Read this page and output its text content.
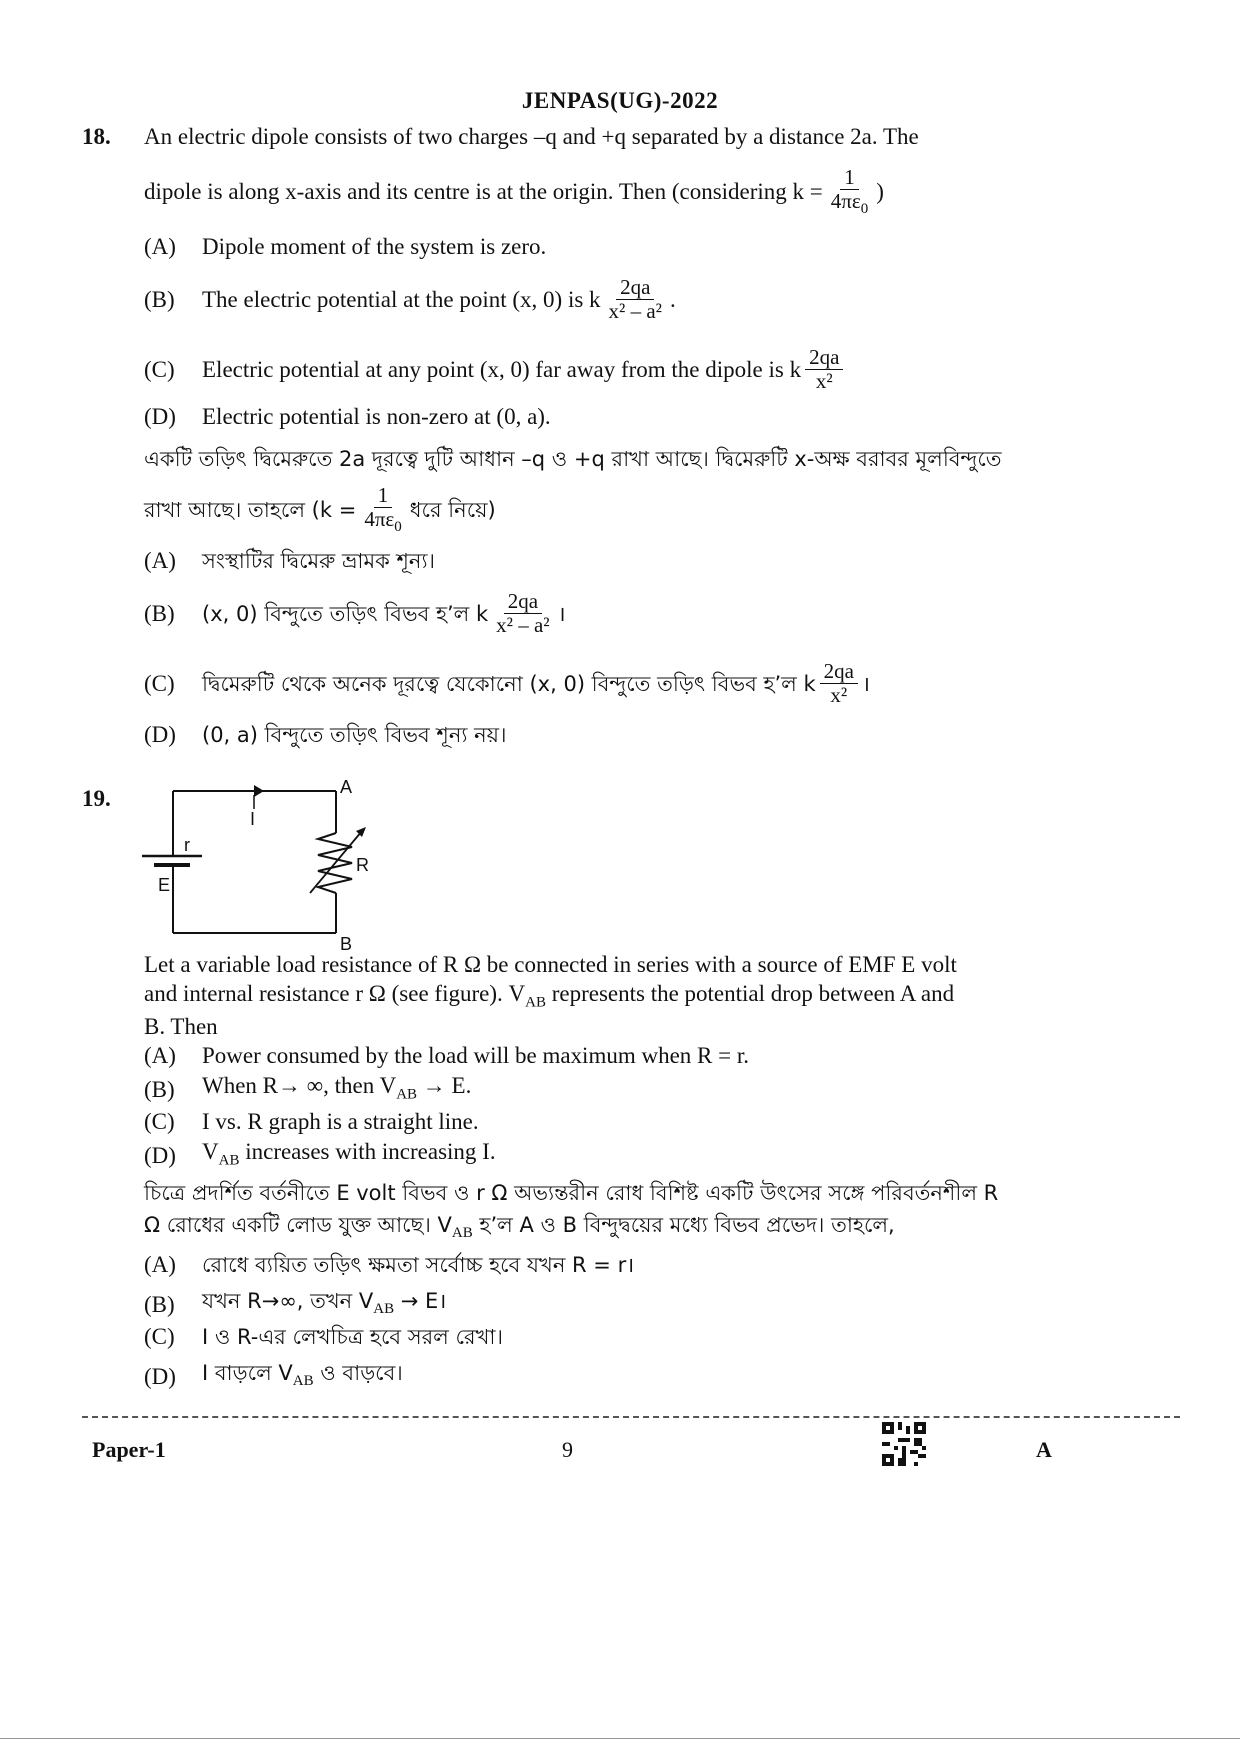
JENPAS(UG)-2022
18. An electric dipole consists of two charges –q and +q separated by a distance 2a. The
dipole is along x-axis and its centre is at the origin. Then (considering $k = \frac{1}{4\pi\varepsilon_0}$ )
(A)	Dipole moment of the system is zero.
(B)	The electric potential at the point (x, 0) is k $\frac{2qa}{\text{x² – a²}}$ .
(C)	Electric potential at any point (x, 0) far away from the dipole is k $\frac{2qa}{\text{x²}}$
(D)	Electric potential is non-zero at (0, a).
একটি তড়িৎ দ্বিমেরুতে 2a দূরত্বে দুটি আধান –q ও +q রাখা আছে। দ্বিমেরুটি x-অক্ষ বরাবর মূলবিন্দুতে
রাখা আছে। তাহলে ($k = \frac{1}{4\pi\varepsilon_0}$ ধরে নিয়ে)
(A)	সংস্থাটির দ্বিমেরু ভ্রামক শূন্য।
(B)	(x, 0) বিন্দুতে তড়িৎ বিভব হ’ল k $\frac{2qa}{\text{x² – a²}}$ ।
(C)	দ্বিমেরুটি থেকে অনেক দূরত্বে যেকোনো (x, 0) বিন্দুতে তড়িৎ বিভব হ’ল k $\frac{2qa}{\text{x²}}$ ।
(D)	(0, a) বিন্দুতে তড়িৎ বিভব শূন্য নয়।
19.	A
B
I
r
E
R
Let a variable load resistance of R Ω be connected in series with a source of EMF E volt
and internal resistance r Ω (see figure). $V_{AB}$ represents the potential drop between A and
B. Then
(A)	Power consumed by the load will be maximum when R = r.
(B)	When R→ ∞, then $V_{AB} \to E$.
(C)	I vs. R graph is a straight line.
(D)	$V_{AB}$ increases with increasing I.
চিত্রে প্রদর্শিত বর্তনীতে E volt বিভব ও r Ω অভ্যন্তরীন রোধ বিশিষ্ট একটি উৎসের সঙ্গে পরিবর্তনশীল R
Ω রোধের একটি লোড যুক্ত আছে। $V_{AB}$ হ’ল A ও B বিন্দুদ্বয়ের মধ্যে বিভব প্রভেদ। তাহলে,
(A)	রোধে ব্যয়িত তড়িৎ ক্ষমতা সর্বোচ্চ হবে যখন R = r।
(B)	যখন R→∞, তখন $V_{AB}$ → E।
(C)	I ও R-এর লেখচিত্র হবে সরল রেখা।
(D)	I বাড়লে $V_{AB}$ ও বাড়বে।
Paper-1	9	A
